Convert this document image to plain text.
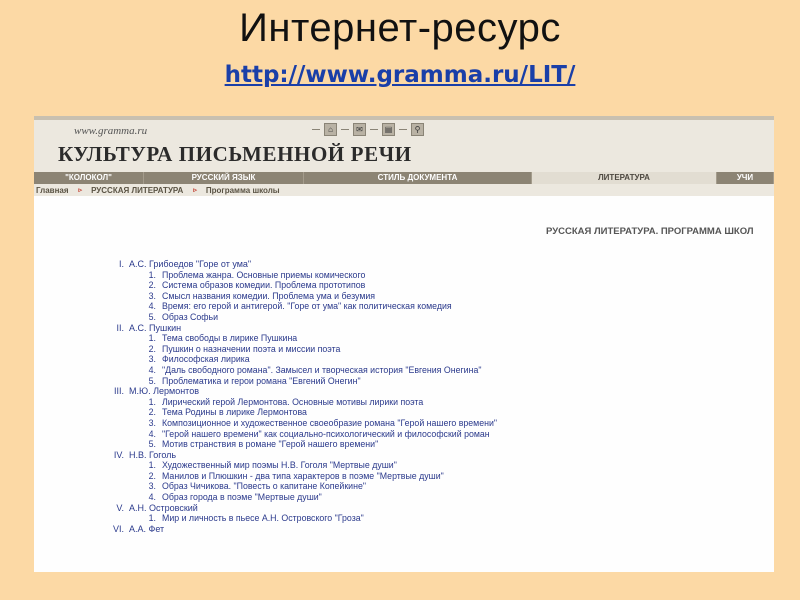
Интернет-ресурс
http://www.gramma.ru/LIT/
www.gramma.ru	⌂	✉	▤	⚲
КУЛЬТУРА ПИСЬМЕННОЙ РЕЧИ
"КОЛОКОЛ"	РУССКИЙ ЯЗЫК	СТИЛЬ ДОКУМЕНТА	ЛИТЕРАТУРА	УЧИ
Главная ▹ РУССКАЯ ЛИТЕРАТУРА ▹ Программа школы
РУССКАЯ ЛИТЕРАТУРА. ПРОГРАММА ШКОЛ
I. А.С. Грибоедов "Горе от ума"
1. Проблема жанра. Основные приемы комического
2. Система образов комедии. Проблема прототипов
3. Смысл названия комедии. Проблема ума и безумия
4. Время: его герой и антигерой. "Горе от ума" как политическая комедия
5. Образ Софьи
II. А.С. Пушкин
1. Тема свободы в лирике Пушкина
2. Пушкин о назначении поэта и миссии поэта
3. Философская лирика
4. "Даль свободного романа". Замысел и творческая история "Евгения Онегина"
5. Проблематика и герои романа "Евгений Онегин"
III. М.Ю. Лермонтов
1. Лирический герой Лермонтова. Основные мотивы лирики поэта
2. Тема Родины в лирике Лермонтова
3. Композиционное и художественное своеобразие романа "Герой нашего времени"
4. "Герой нашего времени" как социально-психологический и философский роман
5. Мотив странствия в романе "Герой нашего времени"
IV. Н.В. Гоголь
1. Художественный мир поэмы Н.В. Гоголя "Мертвые души"
2. Манилов и Плюшкин - два типа характеров в поэме "Мертвые души"
3. Образ Чичикова. "Повесть о капитане Копейкине"
4. Образ города в поэме "Мертвые души"
V. А.Н. Островский
1. Мир и личность в пьесе А.Н. Островского "Гроза"
VI. А.А. Фет
